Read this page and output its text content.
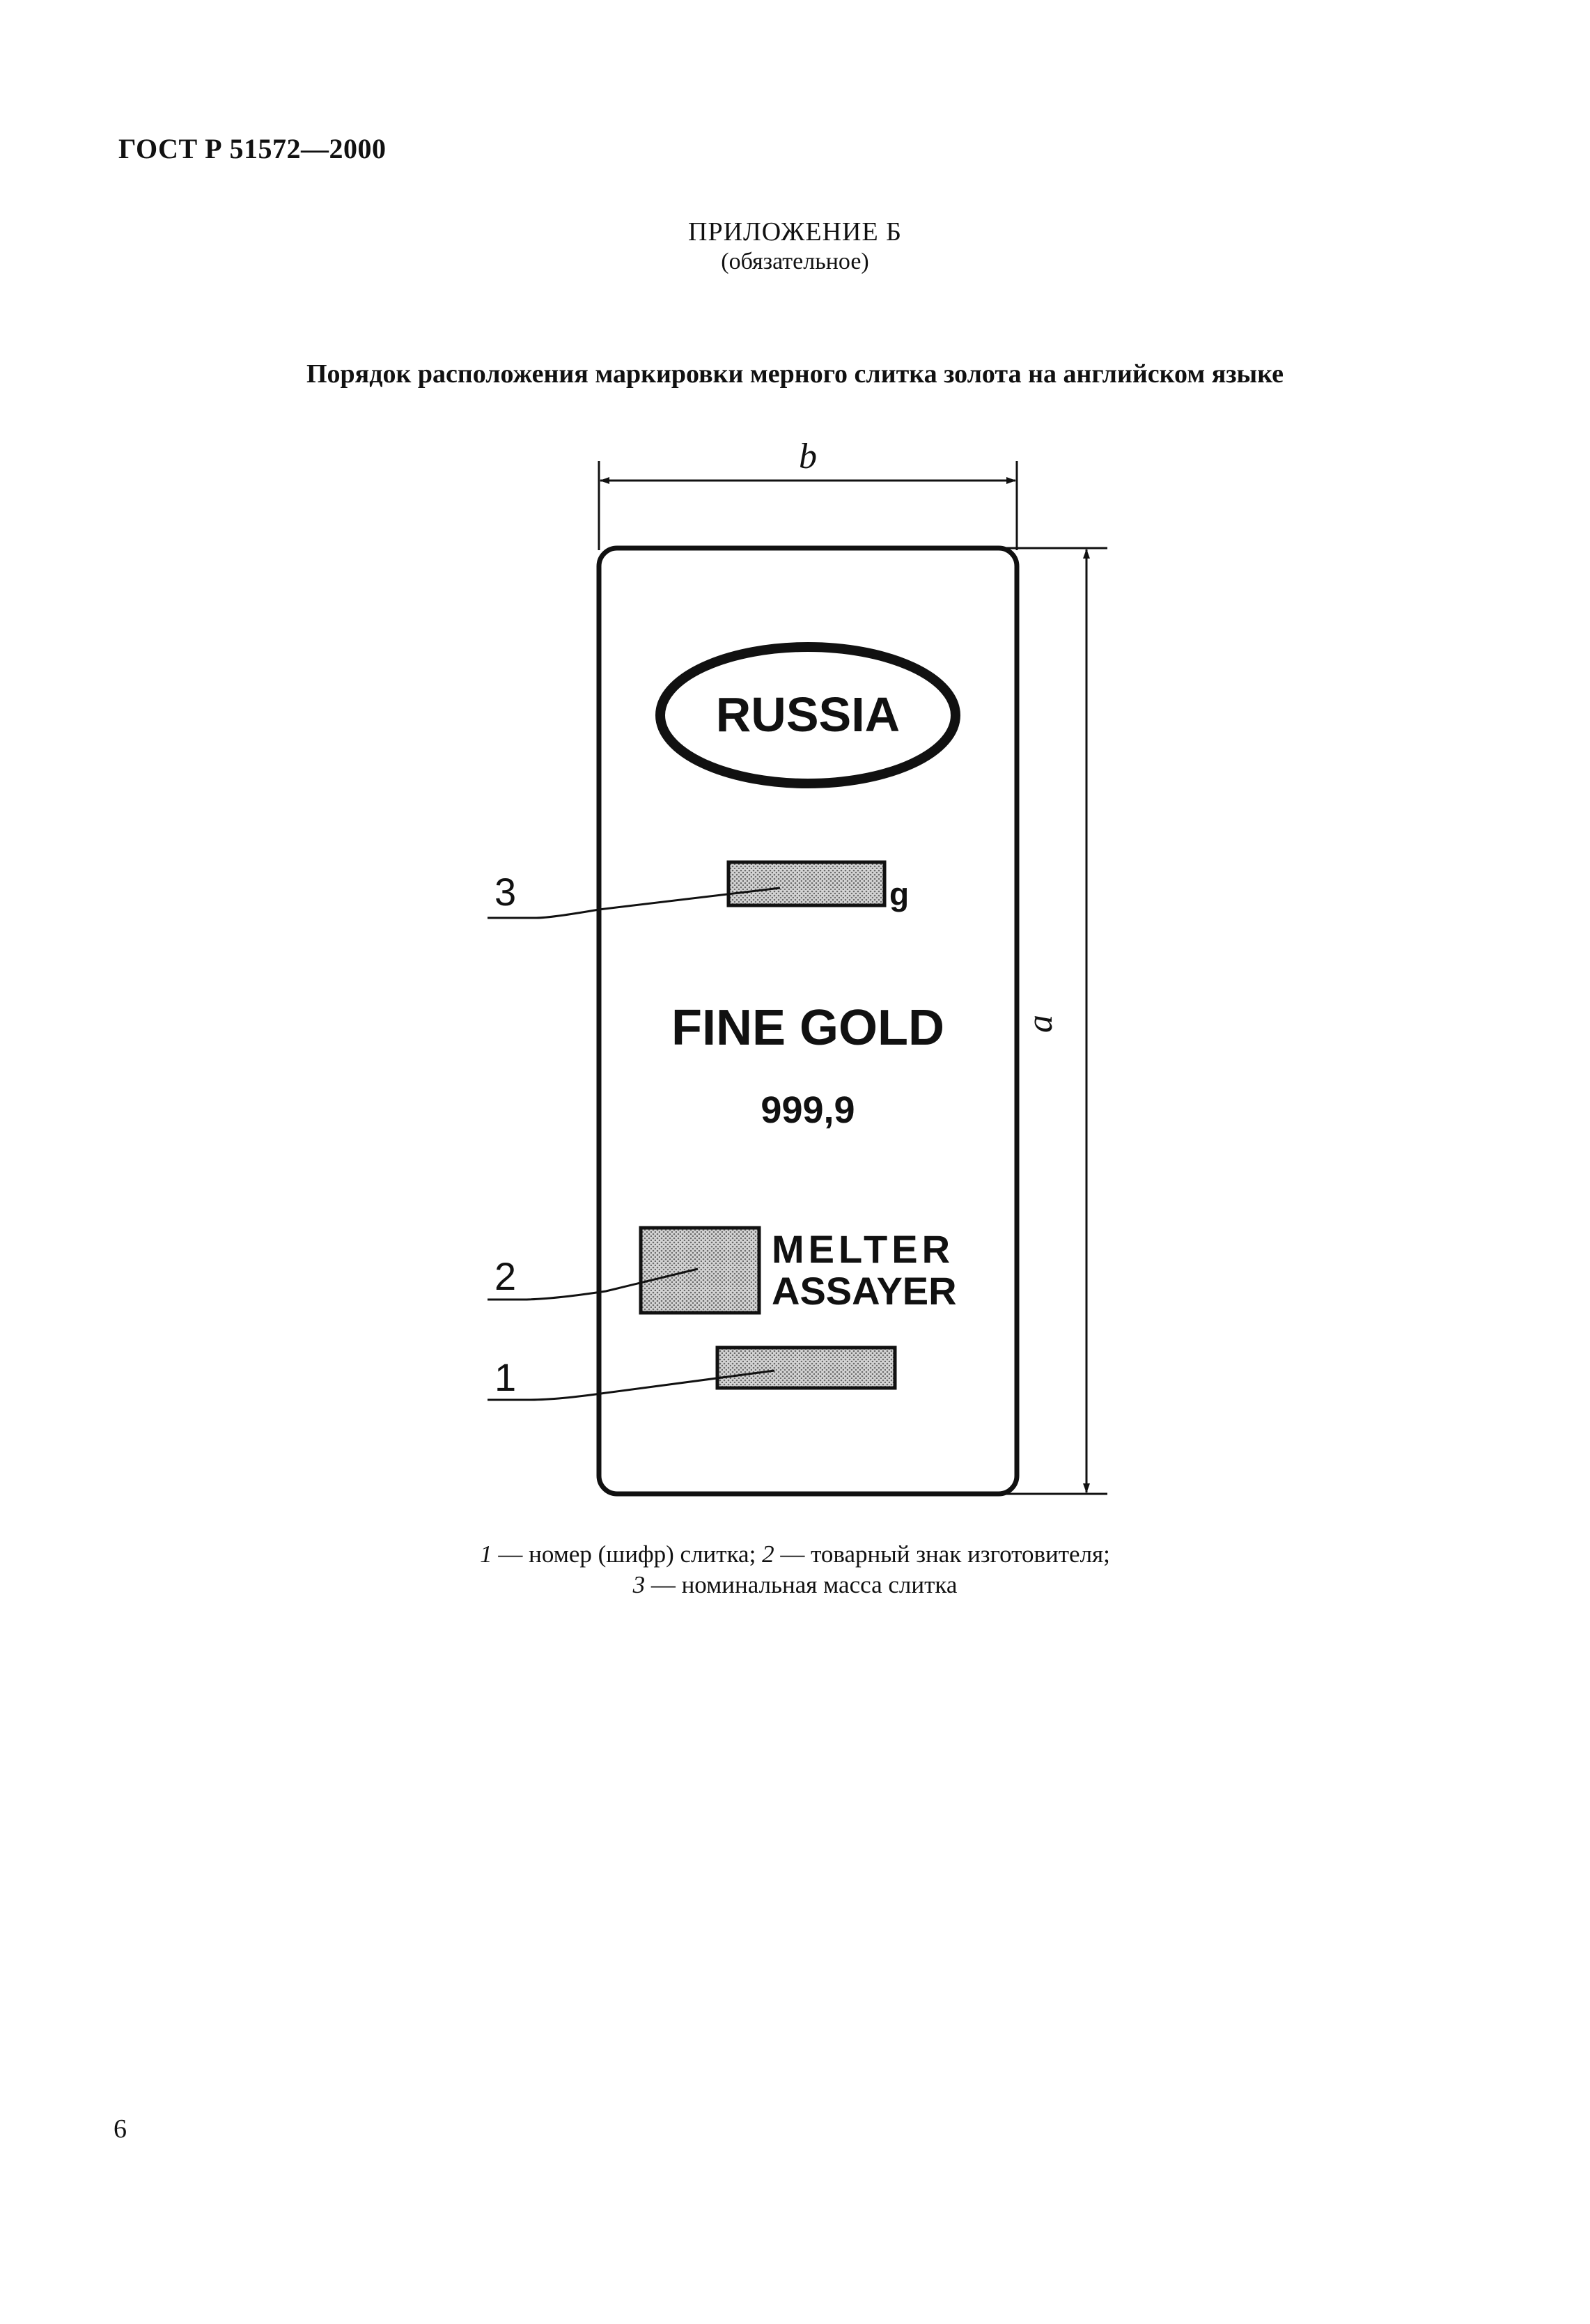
ГОСТ Р 51572—2000
ПРИЛОЖЕНИЕ Б
(обязательное)
Порядок расположения маркировки мерного слитка золота на английском языке
b
a
RUSSIA
g
FINE GOLD
999,9
MELTER
ASSAYER
3
2
1
1 — номер (шифр) слитка; 2 — товарный знак изготовителя;
3 — номинальная масса слитка
6
